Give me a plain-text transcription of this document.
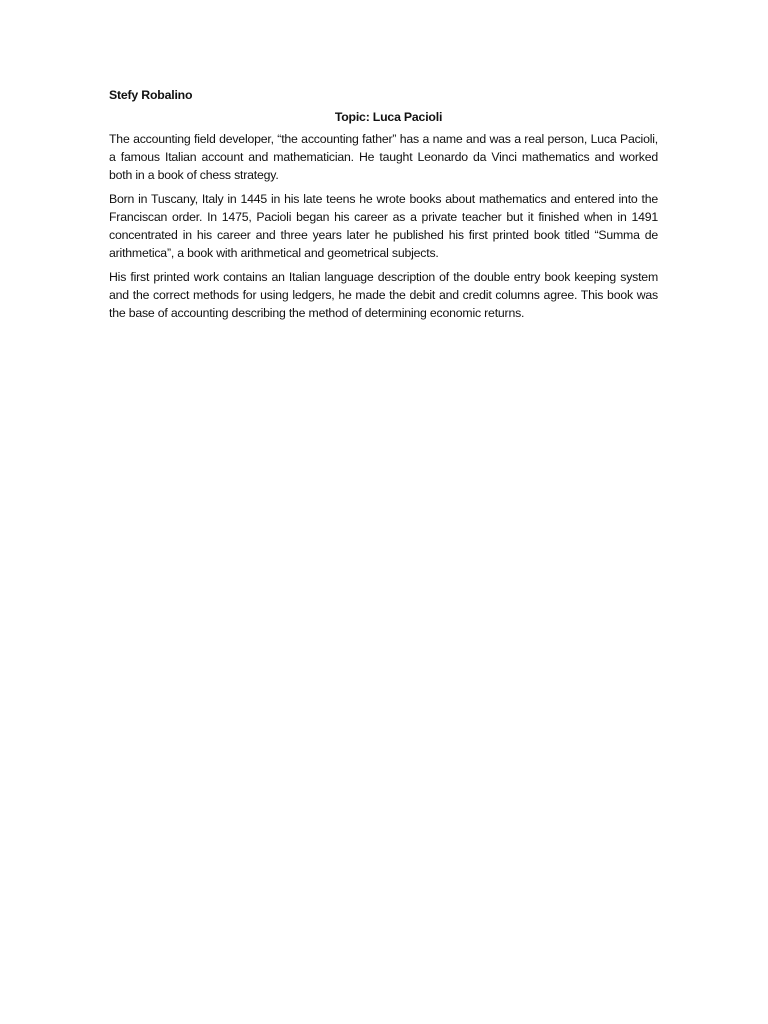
Stefy Robalino

Topic: Luca Pacioli

The accounting field developer, “the accounting father” has a name and was a real person, Luca Pacioli, a famous Italian account and mathematician. He taught Leonardo da Vinci mathematics and worked both in a book of chess strategy.

Born in Tuscany, Italy in 1445 in his late teens he wrote books about mathematics and entered into the Franciscan order. In 1475, Pacioli began his career as a private teacher but it finished when in 1491 concentrated in his career and three years later he published his first printed book titled “Summa de arithmetica”, a book with arithmetical and geometrical subjects.

His first printed work contains an Italian language description of the double entry book keeping system and the correct methods for using ledgers, he made the debit and credit columns agree. This book was the base of accounting describing the method of determining economic returns.
